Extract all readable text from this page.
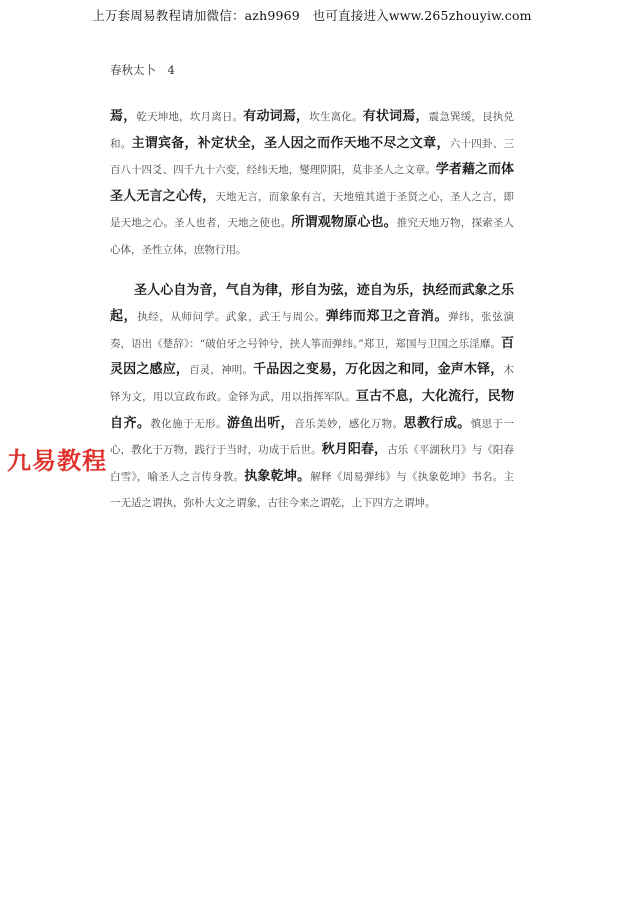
上万套周易教程请加微信：azh9969　也可直接进入www.265zhouyiw.com
春秋太卜　4

焉，乾天坤地，坎月离日。有动词焉，坎生离化。有状词焉，震急巽缓，艮执兑和。主谓宾备，补定状全，圣人因之而作天地不尽之文章，六十四卦、三百八十四爻、四千九十六变，经纬天地，燮理阴阳，莫非圣人之文章。学者藉之而体圣人无言之心传，天地无言，而象象有言，天地殖其道于圣贤之心，圣人之言，即是天地之心。圣人也者，天地之使也。所谓观物原心也。推究天地万物，探索圣人心体，圣性立体，庶物行用。

圣人心自为音，气自为律，形自为弦，迹自为乐，执经而武象之乐起，执经，从师问学。武象，武王与周公。弹纬而郑卫之音消。弹纬，张弦演奏，语出《楚辞》：“破伯牙之号钟兮，挟人筝而弹纬。”郑卫，郑国与卫国之乐淫靡。百灵因之感应，百灵，神明。千品因之变易，万化因之和同，金声木铎，木铎为文，用以宣政布政。金铎为武，用以指挥军队。亘古不息，大化流行，民物自齐。教化施于无形。游鱼出听，音乐美妙，感化万物。思教行成。慎思于一心，教化于万物，践行于当时，功成于后世。秋月阳春，古乐《平湖秋月》与《阳春白雪》，喻圣人之言传身教。执象乾坤。解释《周易弹纬》与《执象乾坤》书名。主一无适之谓执，弥朴大文之谓象，古往今来之谓乾，上下四方之谓坤。

九易教程
